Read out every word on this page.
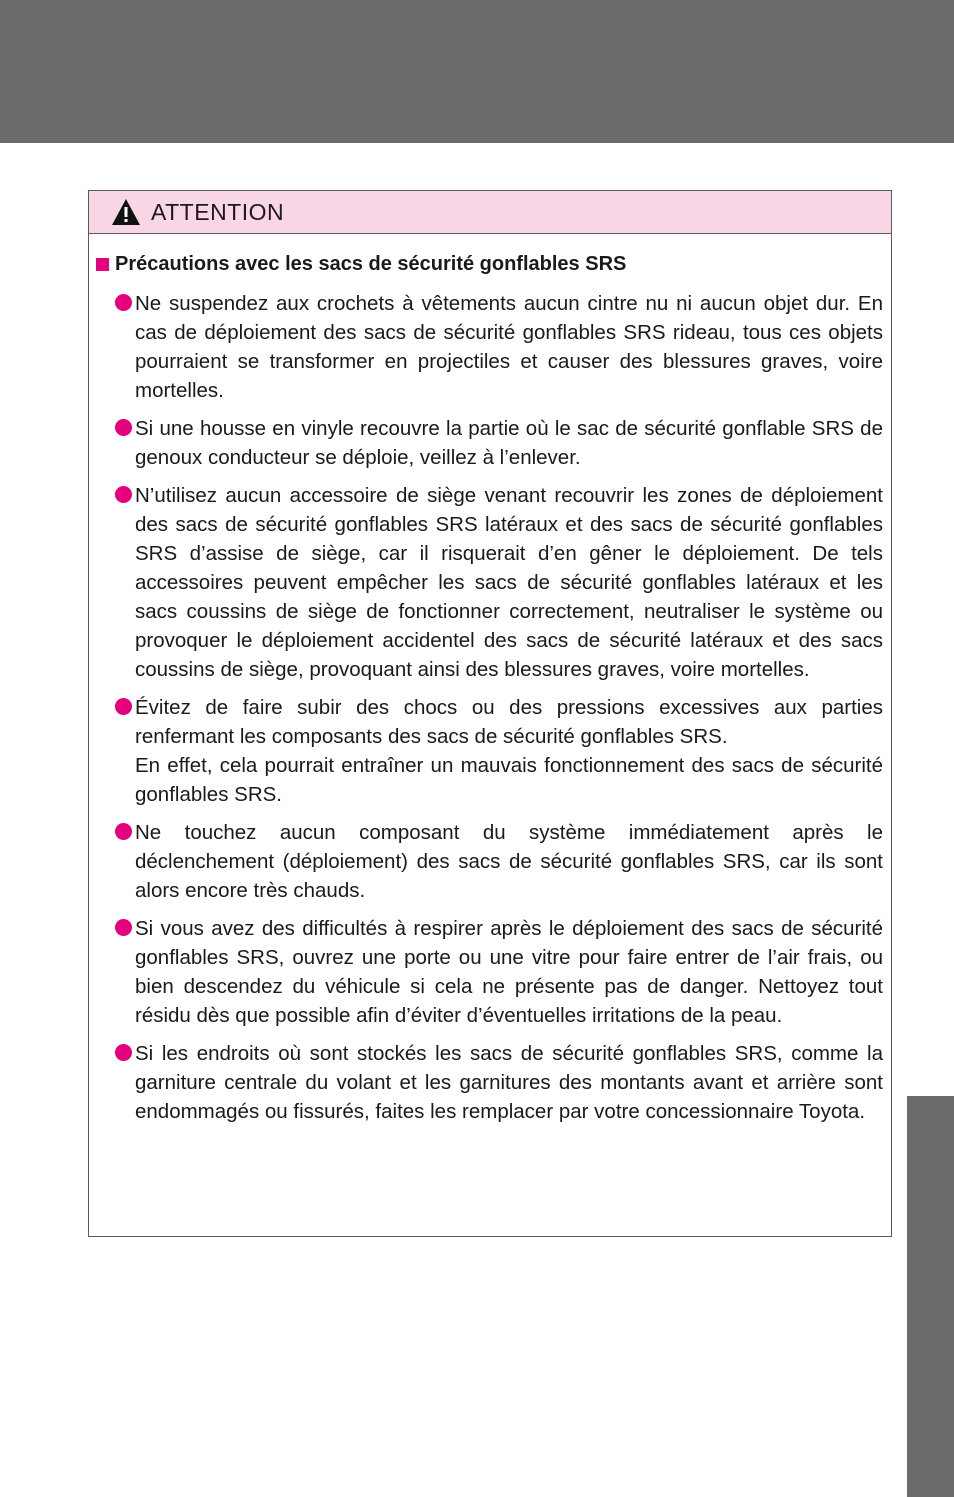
ATTENTION
Précautions avec les sacs de sécurité gonflables SRS

Ne suspendez aux crochets à vêtements aucun cintre nu ni aucun objet dur. En cas de déploiement des sacs de sécurité gonflables SRS rideau, tous ces objets pourraient se transformer en projectiles et causer des blessures graves, voire mortelles.

Si une housse en vinyle recouvre la partie où le sac de sécurité gonflable SRS de genoux conducteur se déploie, veillez à l’enlever.

N’utilisez aucun accessoire de siège venant recouvrir les zones de déploiement des sacs de sécurité gonflables SRS latéraux et des sacs de sécurité gonflables SRS d’assise de siège, car il risquerait d’en gêner le déploiement. De tels accessoires peuvent empêcher les sacs de sécurité gonflables latéraux et les sacs coussins de siège de fonctionner correctement, neutraliser le système ou provoquer le déploiement accidentel des sacs de sécurité latéraux et des sacs coussins de siège, provoquant ainsi des blessures graves, voire mortelles.

Évitez de faire subir des chocs ou des pressions excessives aux parties renfermant les composants des sacs de sécurité gonflables SRS.

En effet, cela pourrait entraîner un mauvais fonctionnement des sacs de sécurité gonflables SRS.

Ne touchez aucun composant du système immédiatement après le déclenchement (déploiement) des sacs de sécurité gonflables SRS, car ils sont alors encore très chauds.

Si vous avez des difficultés à respirer après le déploiement des sacs de sécurité gonflables SRS, ouvrez une porte ou une vitre pour faire entrer de l’air frais, ou bien descendez du véhicule si cela ne présente pas de danger. Nettoyez tout résidu dès que possible afin d’éviter d’éventuelles irritations de la peau.

Si les endroits où sont stockés les sacs de sécurité gonflables SRS, comme la garniture centrale du volant et les garnitures des montants avant et arrière sont endommagés ou fissurés, faites les remplacer par votre concessionnaire Toyota.
